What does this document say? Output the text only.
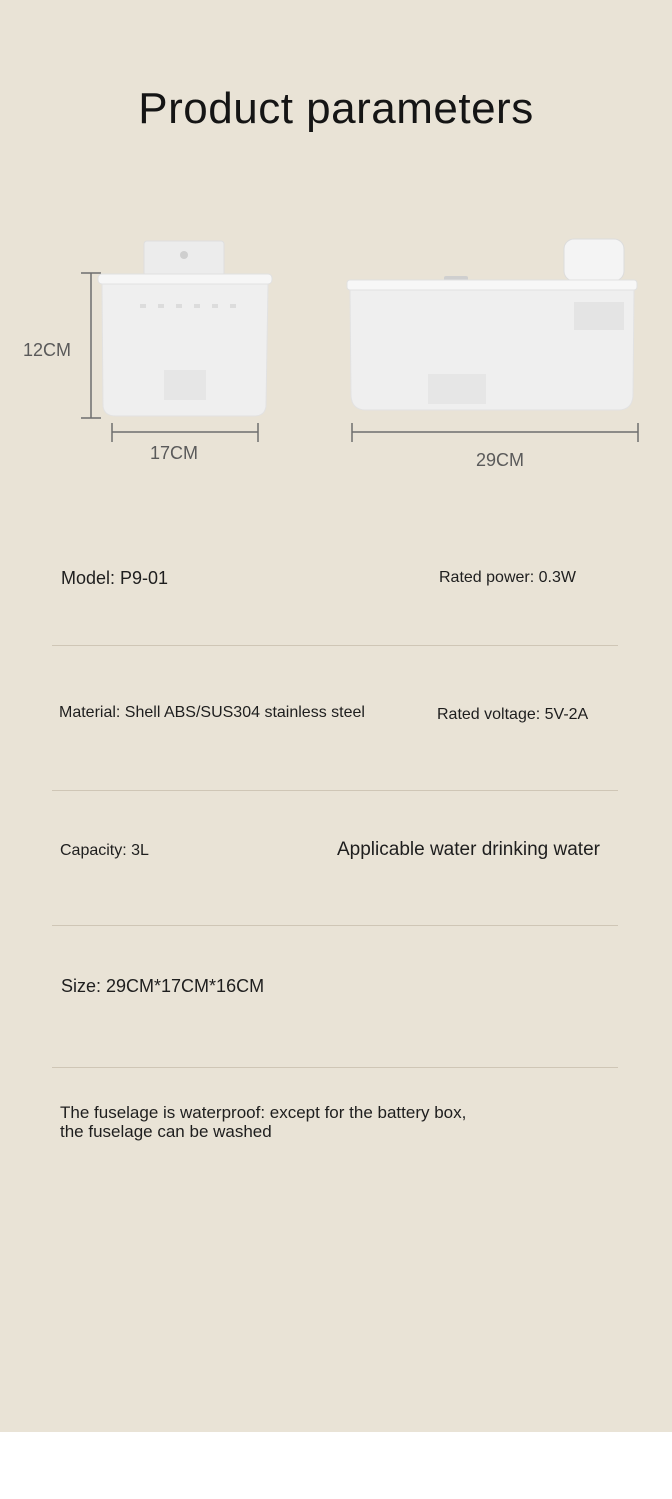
Product parameters
12CM
17CM	29CM
Model: P9-01	Rated power: 0.3W
Material: Shell ABS/SUS304 stainless steel	Rated voltage: 5V-2A
Capacity: 3L	Applicable water drinking water
Size: 29CM*17CM*16CM
The fuselage is waterproof: except for the battery box, the fuselage can be washed
